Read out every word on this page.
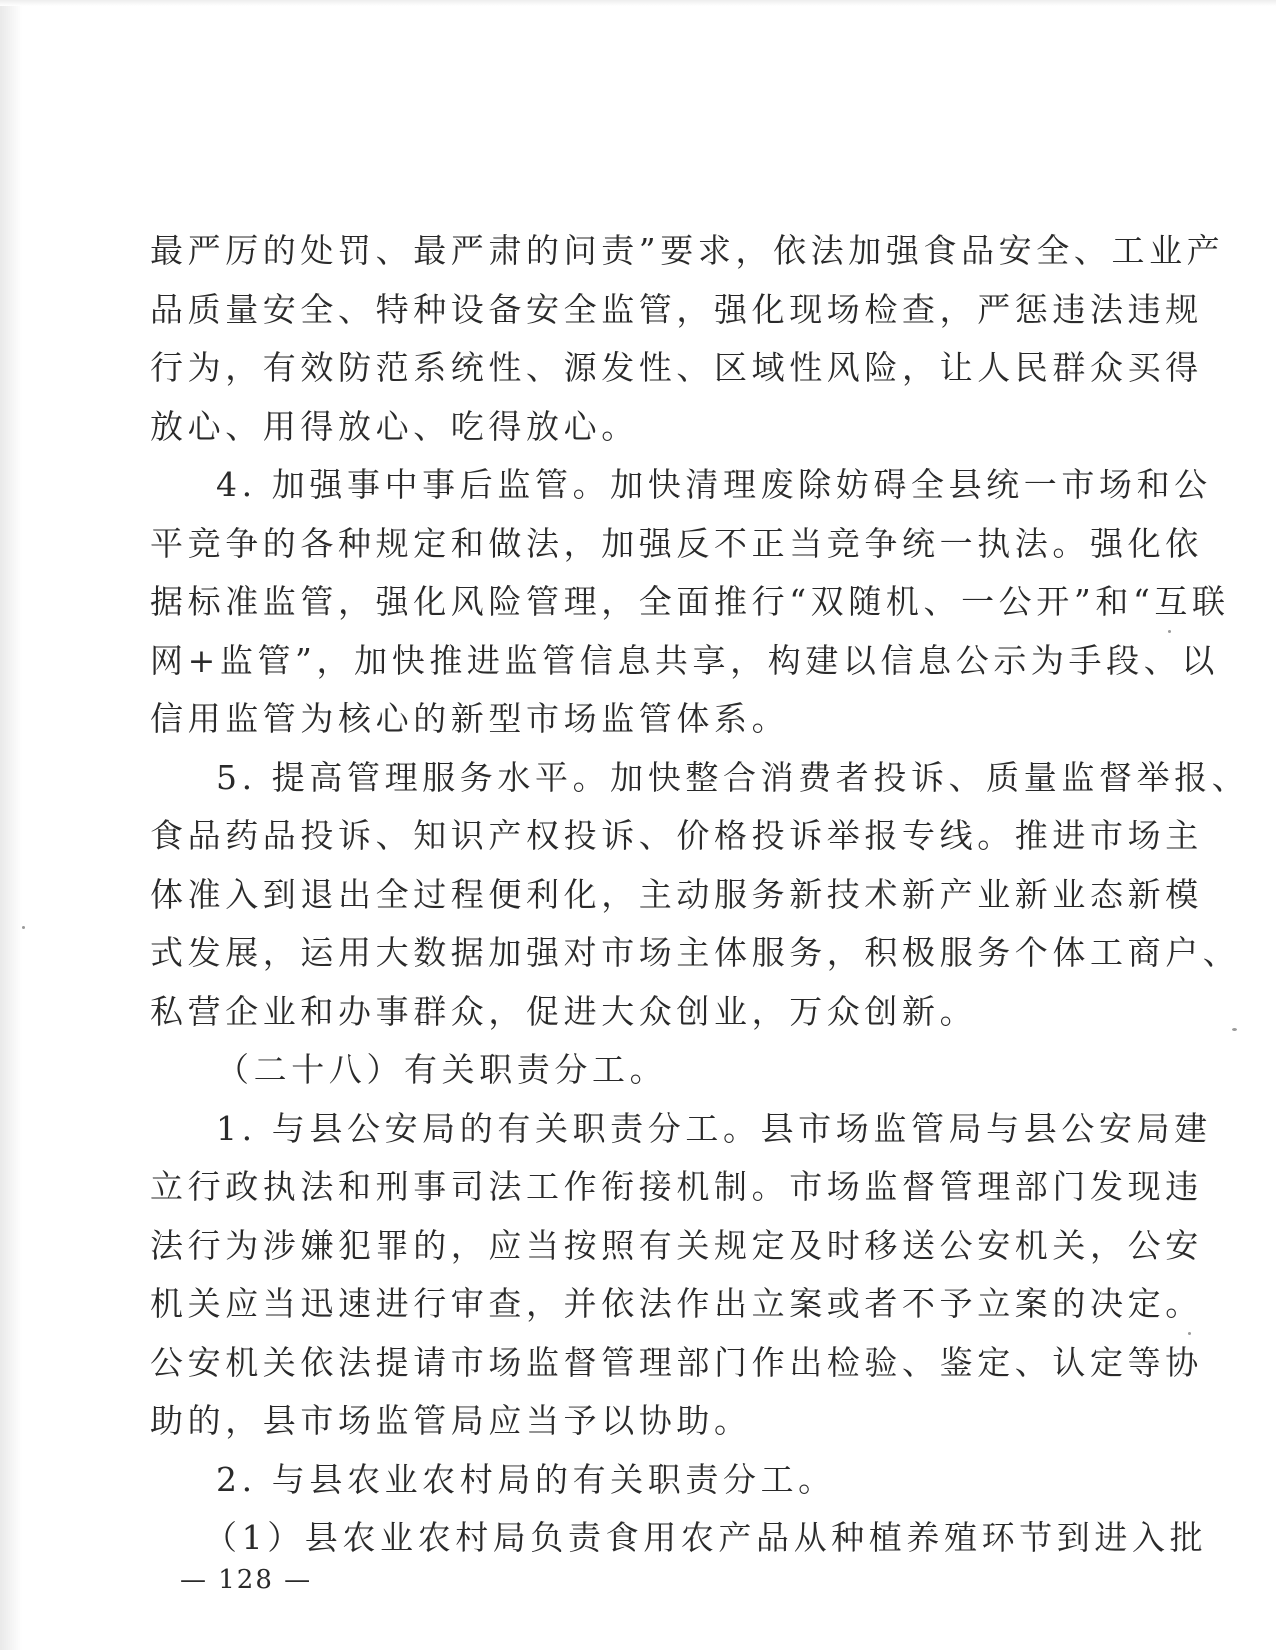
最严厉的处罚、最严肃的问责”要求，依法加强食品安全、工业产
品质量安全、特种设备安全监管，强化现场检查，严惩违法违规
行为，有效防范系统性、源发性、区域性风险，让人民群众买得
放心、用得放心、吃得放心。
4. 加强事中事后监管。加快清理废除妨碍全县统一市场和公
平竞争的各种规定和做法，加强反不正当竞争统一执法。强化依
据标准监管，强化风险管理，全面推行“双随机、一公开”和“互联
网+监管”，加快推进监管信息共享，构建以信息公示为手段、以
信用监管为核心的新型市场监管体系。
5. 提高管理服务水平。加快整合消费者投诉、质量监督举报、
食品药品投诉、知识产权投诉、价格投诉举报专线。推进市场主
体准入到退出全过程便利化，主动服务新技术新产业新业态新模
式发展，运用大数据加强对市场主体服务，积极服务个体工商户、
私营企业和办事群众，促进大众创业，万众创新。
（二十八）有关职责分工。
1. 与县公安局的有关职责分工。县市场监管局与县公安局建
立行政执法和刑事司法工作衔接机制。市场监督管理部门发现违
法行为涉嫌犯罪的，应当按照有关规定及时移送公安机关，公安
机关应当迅速进行审查，并依法作出立案或者不予立案的决定。
公安机关依法提请市场监督管理部门作出检验、鉴定、认定等协
助的，县市场监管局应当予以协助。
2. 与县农业农村局的有关职责分工。
（1）县农业农村局负责食用农产品从种植养殖环节到进入批
— 128 —
